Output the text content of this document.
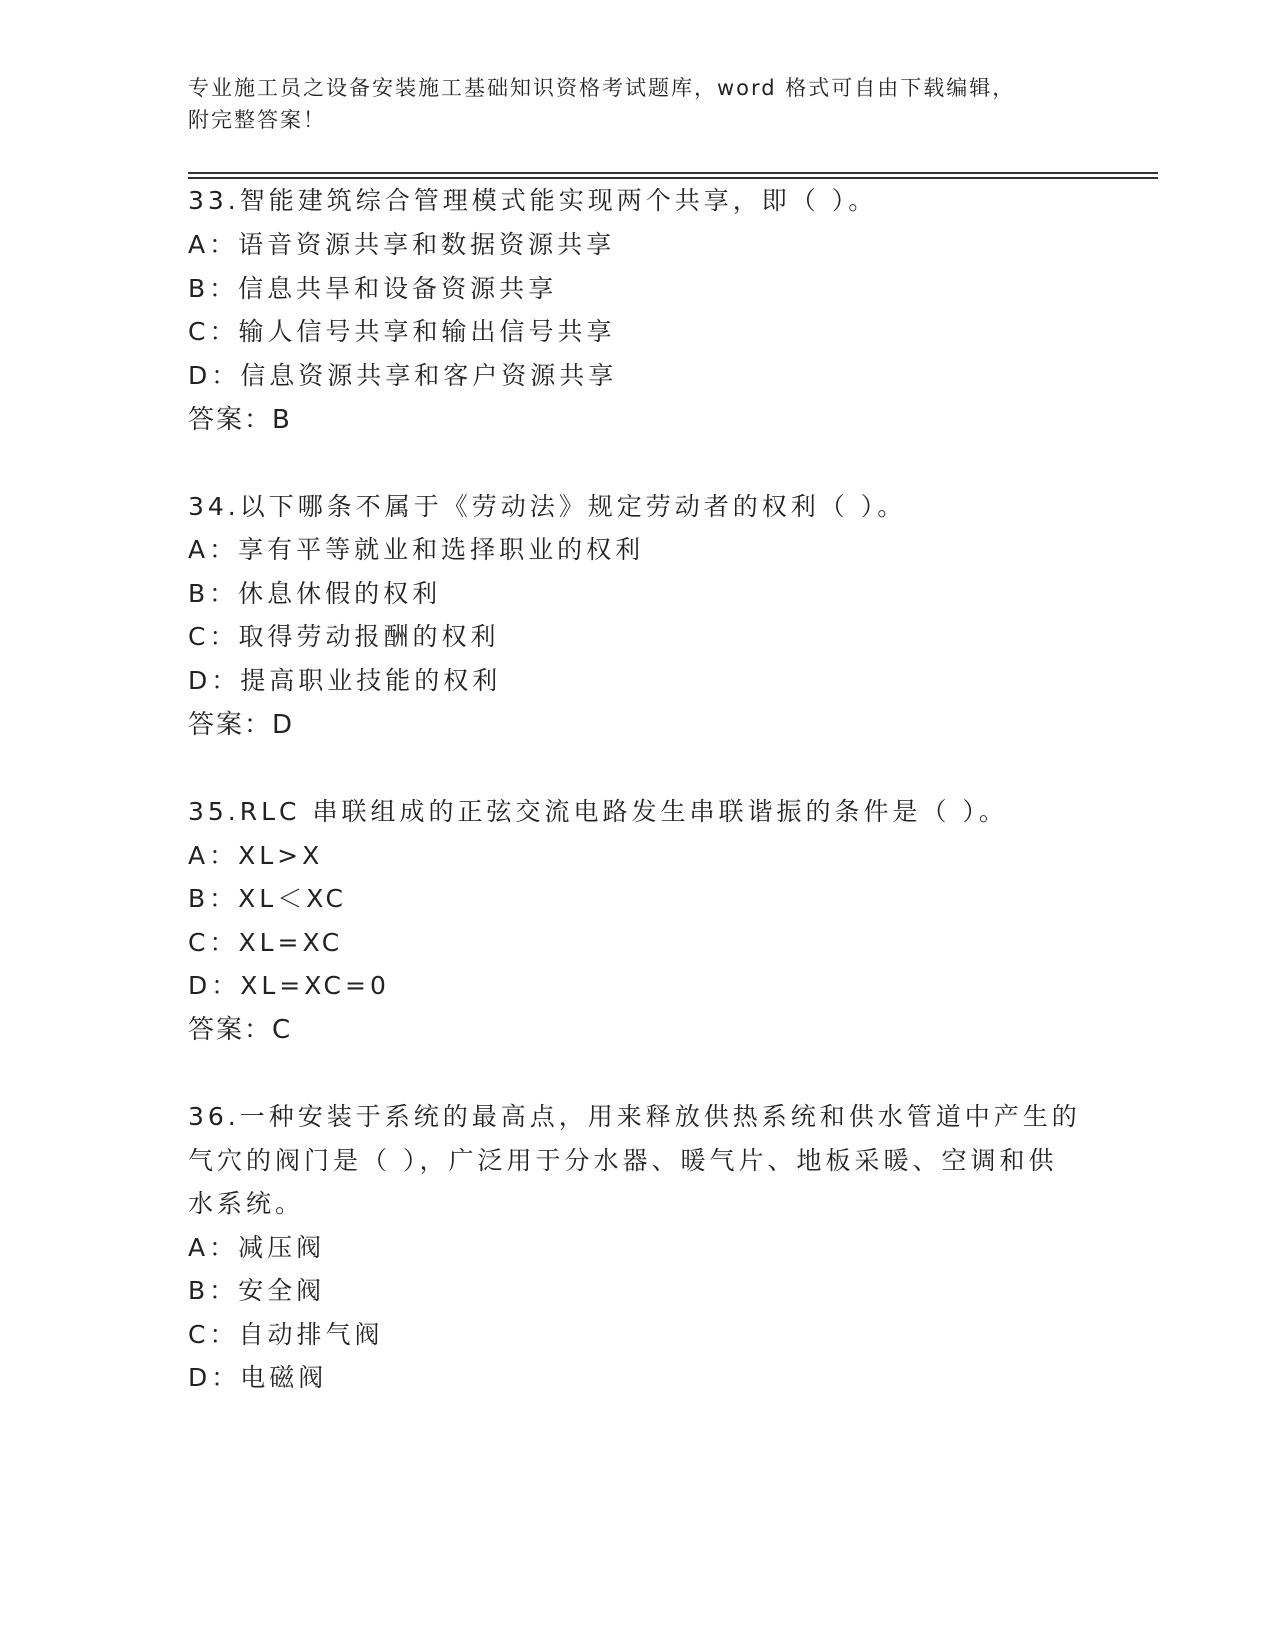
专业施工员之设备安装施工基础知识资格考试题库，word 格式可自由下载编辑，
附完整答案！
33.智能建筑综合管理模式能实现两个共享，即（ ）。
A：语音资源共享和数据资源共享
B：信息共旱和设备资源共享
C：输人信号共享和输出信号共享
D：信息资源共享和客户资源共享
答案：B
34.以下哪条不属于《劳动法》规定劳动者的权利（ ）。
A：享有平等就业和选择职业的权利
B：休息休假的权利
C：取得劳动报酬的权利
D：提高职业技能的权利
答案：D
35.RLC 串联组成的正弦交流电路发生串联谐振的条件是（ ）。
A：XL>X
B：XL＜XC
C：XL=XC
D：XL=XC=0
答案：C
36.一种安装于系统的最高点，用来释放供热系统和供水管道中产生的
气穴的阀门是（ ），广泛用于分水器、暖气片、地板采暖、空调和供
水系统。
A：减压阀
B：安全阀
C：自动排气阀
D：电磁阀
